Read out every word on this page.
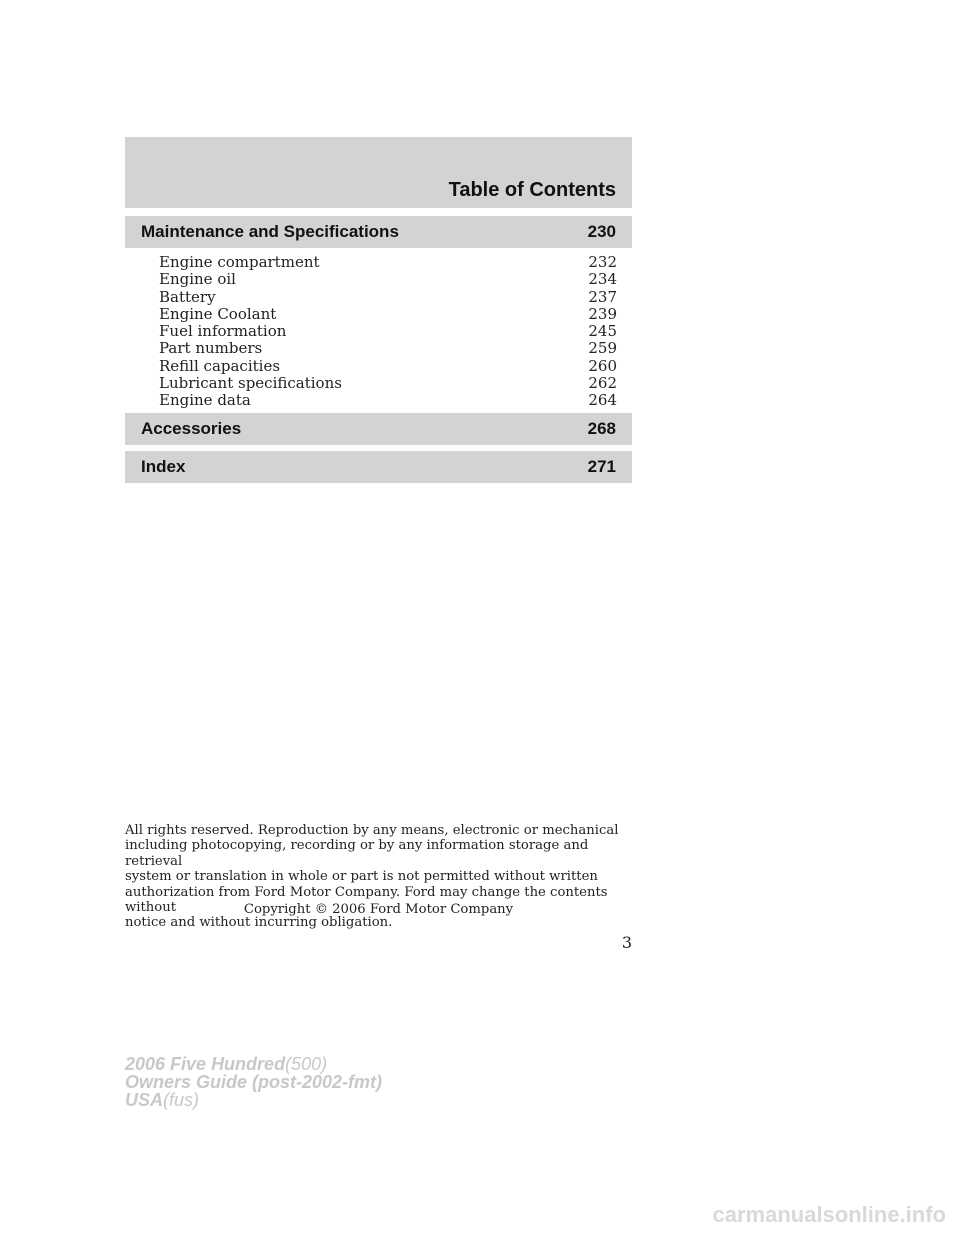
Table of Contents
Maintenance and Specifications	230
Engine compartment	232
Engine oil	234
Battery	237
Engine Coolant	239
Fuel information	245
Part numbers	259
Refill capacities	260
Lubricant specifications	262
Engine data	264
Accessories	268
Index	271
All rights reserved. Reproduction by any means, electronic or mechanical
including photocopying, recording or by any information storage and retrieval
system or translation in whole or part is not permitted without written
authorization from Ford Motor Company. Ford may change the contents without
notice and without incurring obligation.
Copyright © 2006 Ford Motor Company
3
2006 Five Hundred(500)
Owners Guide (post-2002-fmt)
USA(fus)
carmanualsonline.info
